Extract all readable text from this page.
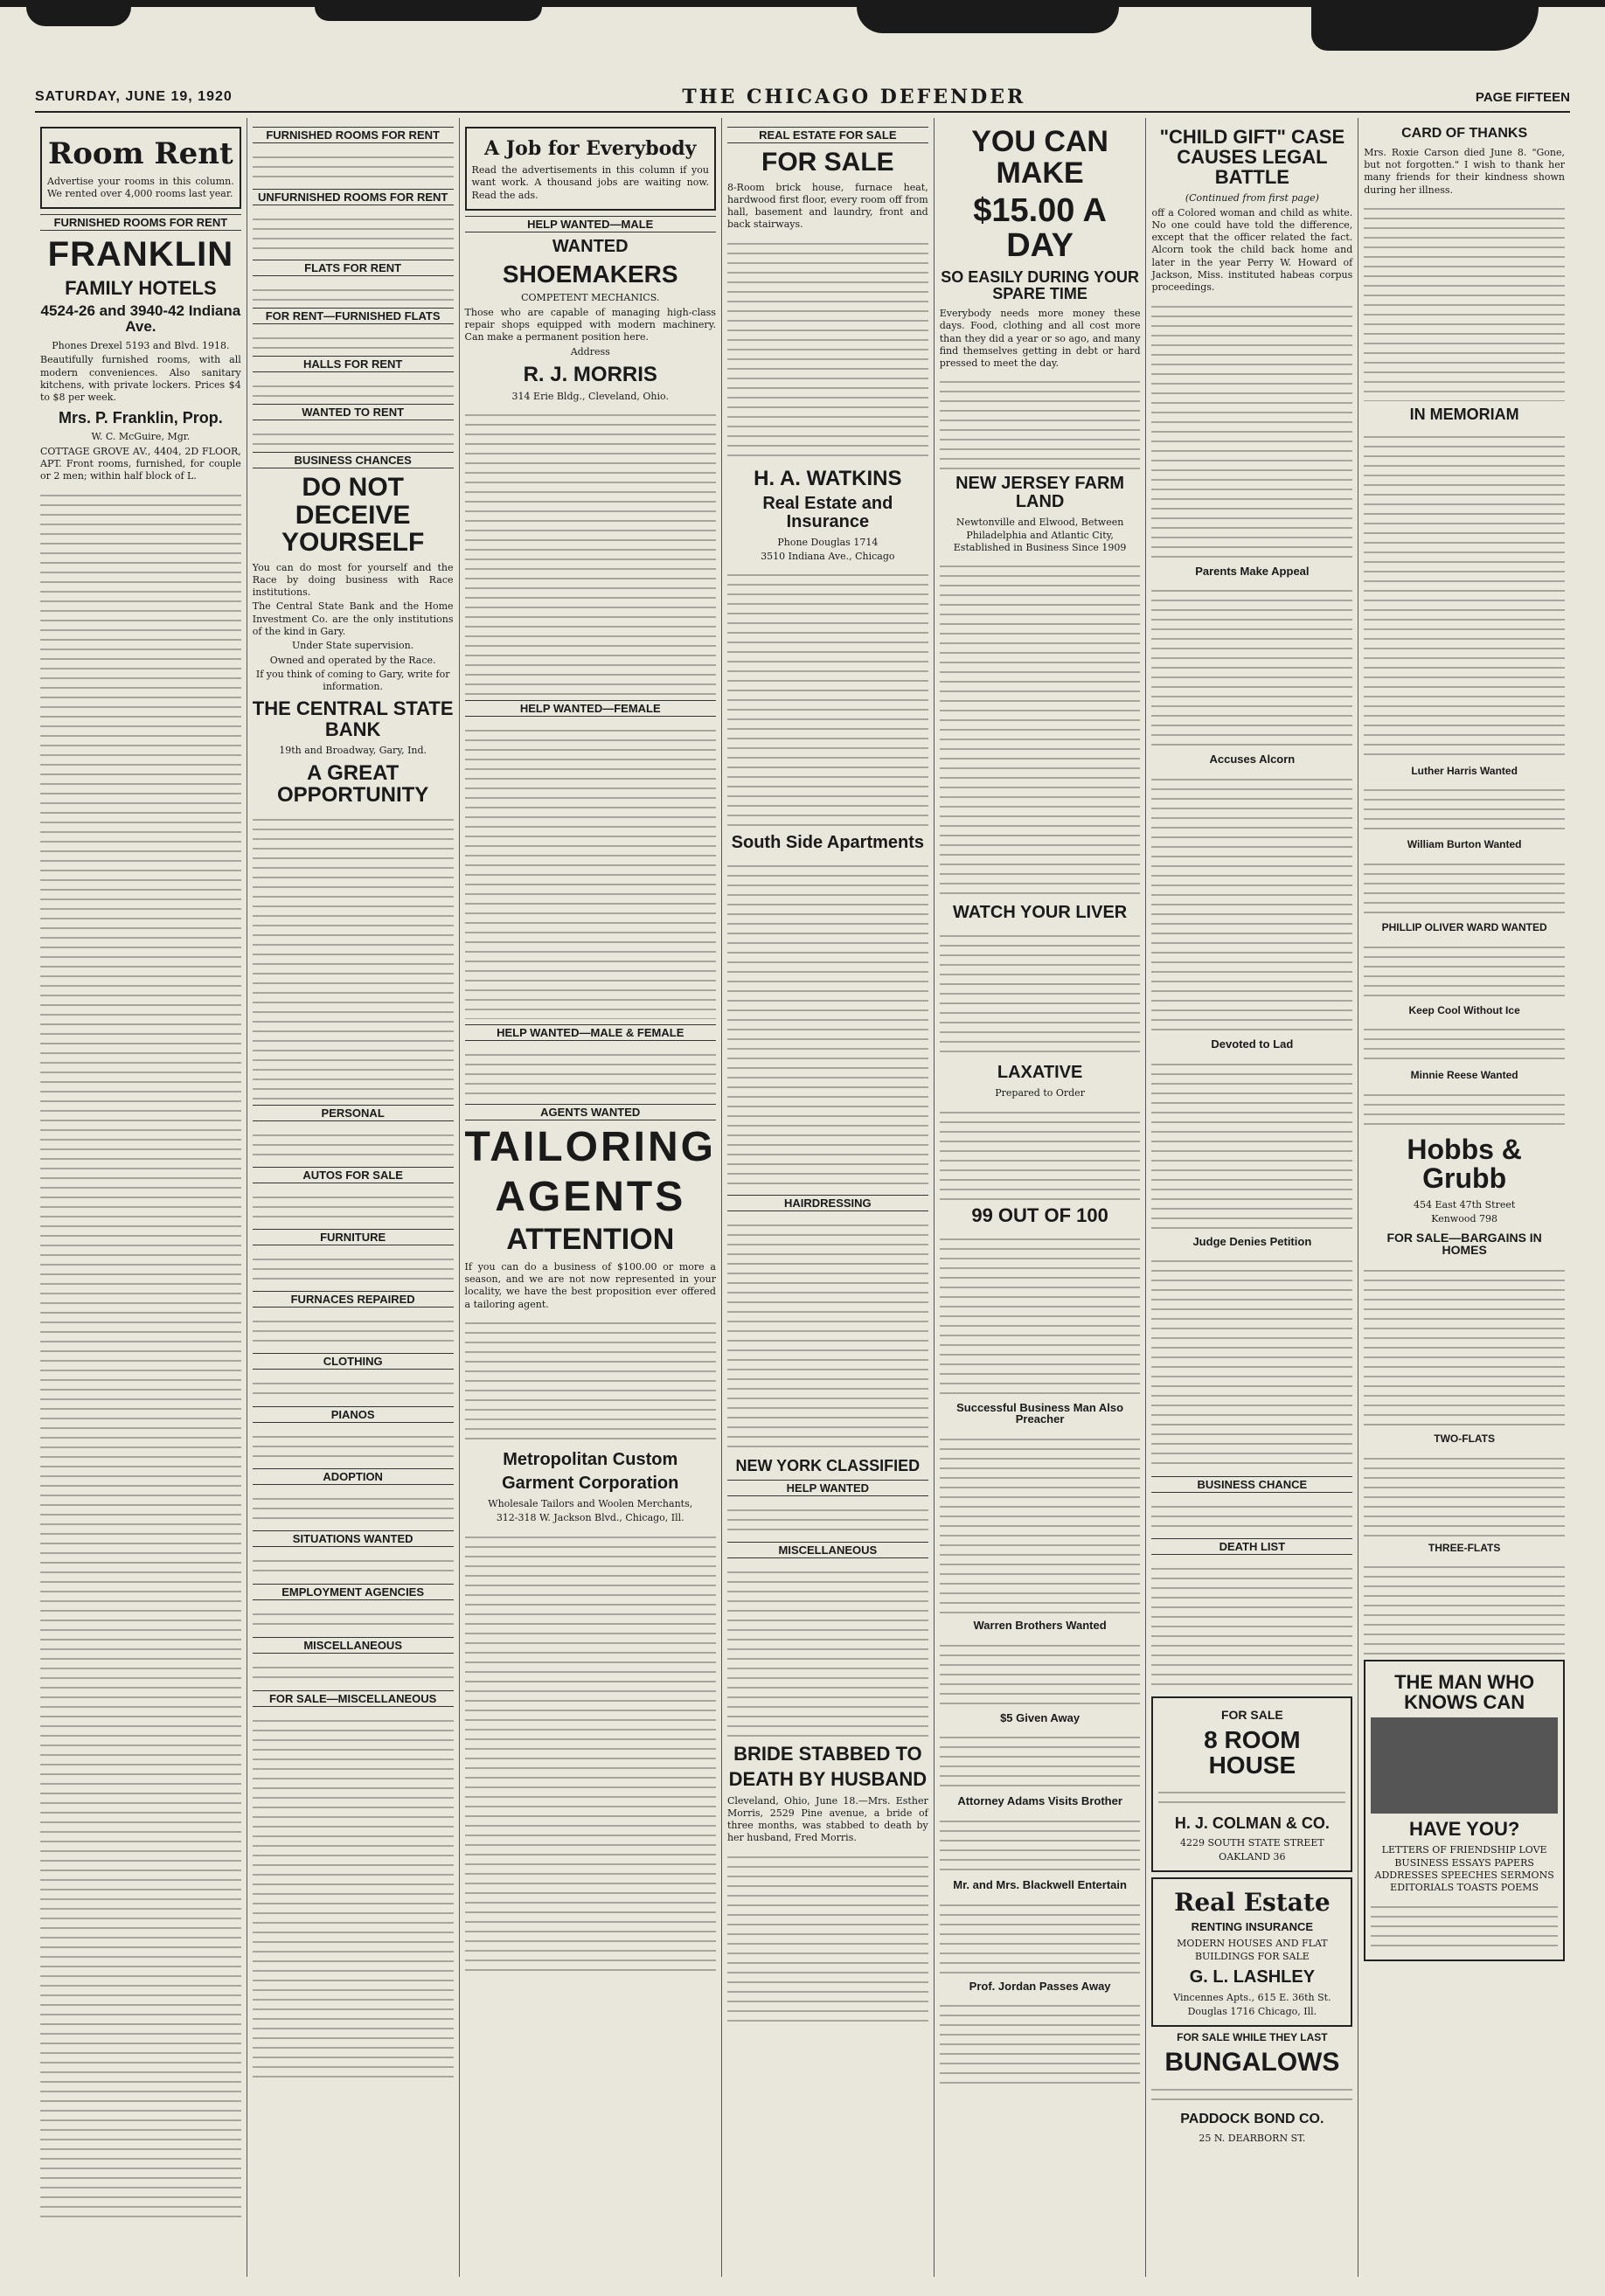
SATURDAY, JUNE 19, 1920	THE CHICAGO DEFENDER	PAGE FIFTEEN
Room Rent
Advertise your rooms in this column. We rented over 4,000 rooms last year.
FURNISHED ROOMS FOR RENT
FRANKLIN
FAMILY HOTELS
4524-26 and 3940-42 Indiana Ave.
Phones Drexel 5193 and Blvd. 1918.
Beautifully furnished rooms, with all modern conveniences. Also sanitary kitchens, with private lockers. Prices $4 to $8 per week.
Mrs. P. Franklin, Prop.
W. C. McGuire, Mgr.
COTTAGE GROVE AV., 4404, 2D FLOOR, APT. Front rooms, furnished, for couple or 2 men; within half block of L.
FURNISHED ROOMS FOR RENT
UNFURNISHED ROOMS FOR RENT
FLATS FOR RENT
FOR RENT—FURNISHED FLATS
HALLS FOR RENT
WANTED TO RENT
BUSINESS CHANCES
DO NOT DECEIVE YOURSELF
You can do most for yourself and the Race by doing business with Race institutions.
The Central State Bank and the Home Investment Co. are the only institutions of the kind in Gary.
Under State supervision.
Owned and operated by the Race.
If you think of coming to Gary, write for information.
THE CENTRAL STATE BANK
19th and Broadway, Gary, Ind.
A GREAT OPPORTUNITY
PERSONAL
AUTOS FOR SALE
FURNITURE
FURNACES REPAIRED
CLOTHING
PIANOS
ADOPTION
SITUATIONS WANTED
EMPLOYMENT AGENCIES
MISCELLANEOUS
FOR SALE—MISCELLANEOUS
A Job for Everybody
Read the advertisements in this column if you want work. A thousand jobs are waiting now. Read the ads.
HELP WANTED—MALE
WANTED
SHOEMAKERS
COMPETENT MECHANICS.
Those who are capable of managing high-class repair shops equipped with modern machinery. Can make a permanent position here.
Address
R. J. MORRIS
314 Erie Bldg., Cleveland, Ohio.
HELP WANTED—FEMALE
HELP WANTED—MALE & FEMALE
AGENTS WANTED
TAILORING
AGENTS
ATTENTION
If you can do a business of $100.00 or more a season, and we are not now represented in your locality, we have the best proposition ever offered a tailoring agent.
Metropolitan Custom
Garment Corporation
Wholesale Tailors and Woolen Merchants,
312-318 W. Jackson Blvd., Chicago, Ill.
REAL ESTATE FOR SALE
FOR SALE
8-Room brick house, furnace heat, hardwood first floor, every room off from hall, basement and laundry, front and back stairways.
H. A. WATKINS
Real Estate and Insurance
Phone Douglas 1714
3510 Indiana Ave., Chicago
South Side Apartments
HAIRDRESSING
NEW YORK CLASSIFIED
HELP WANTED
MISCELLANEOUS
BRIDE STABBED TO
DEATH BY HUSBAND
Cleveland, Ohio, June 18.—Mrs. Esther Morris, 2529 Pine avenue, a bride of three months, was stabbed to death by her husband, Fred Morris.
YOU CAN MAKE
$15.00 A DAY
SO EASILY DURING YOUR SPARE TIME
Everybody needs more money these days. Food, clothing and all cost more than they did a year or so ago, and many find themselves getting in debt or hard pressed to meet the day.
NEW JERSEY FARM LAND
Newtonville and Elwood, Between Philadelphia and Atlantic City, Established in Business Since 1909
WATCH YOUR LIVER
LAXATIVE
Prepared to Order
99 OUT OF 100
Successful Business Man Also Preacher
Warren Brothers Wanted
$5 Given Away
Attorney Adams Visits Brother
Mr. and Mrs. Blackwell Entertain
Prof. Jordan Passes Away
"CHILD GIFT" CASE CAUSES LEGAL BATTLE
(Continued from first page)
off a Colored woman and child as white. No one could have told the difference, except that the officer related the fact. Alcorn took the child back home and later in the year Perry W. Howard of Jackson, Miss. instituted habeas corpus proceedings.
Parents Make Appeal
Accuses Alcorn
Devoted to Lad
Judge Denies Petition
BUSINESS CHANCE
DEATH LIST
FOR SALE
8 ROOM HOUSE
H. J. COLMAN & CO.
4229 SOUTH STATE STREET
OAKLAND 36
Real Estate
RENTING INSURANCE
MODERN HOUSES AND FLAT BUILDINGS FOR SALE
G. L. LASHLEY
Vincennes Apts., 615 E. 36th St.
Douglas 1716 Chicago, Ill.
FOR SALE WHILE THEY LAST
BUNGALOWS
PADDOCK BOND CO.
25 N. DEARBORN ST.
CARD OF THANKS
Mrs. Roxie Carson died June 8. "Gone, but not forgotten." I wish to thank her many friends for their kindness shown during her illness.
IN MEMORIAM
Luther Harris Wanted
William Burton Wanted
PHILLIP OLIVER WARD WANTED
Keep Cool Without Ice
Minnie Reese Wanted
Hobbs & Grubb
454 East 47th Street
Kenwood 798
FOR SALE—BARGAINS IN HOMES
TWO-FLATS
THREE-FLATS
THE MAN WHO KNOWS CAN
HAVE YOU?
LETTERS OF FRIENDSHIP LOVE BUSINESS ESSAYS PAPERS ADDRESSES SPEECHES SERMONS EDITORIALS TOASTS POEMS
